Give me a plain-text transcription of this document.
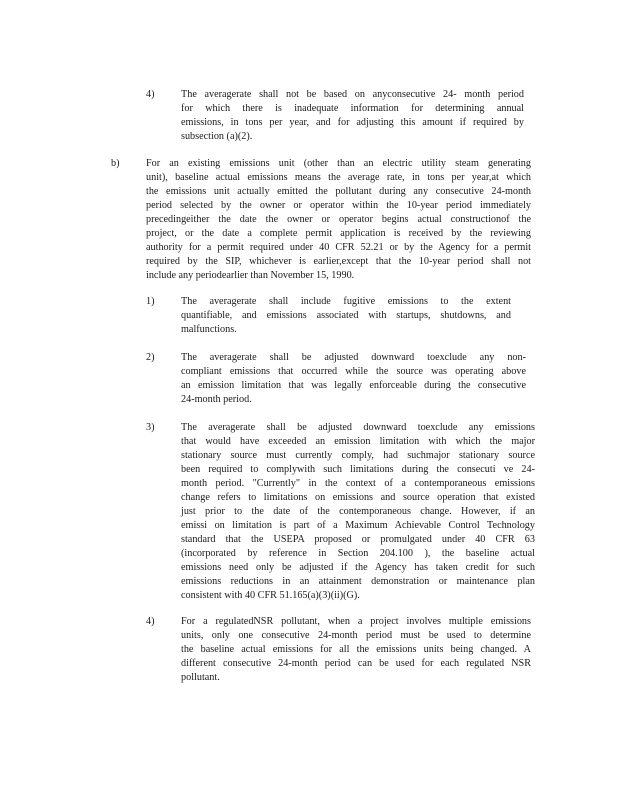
4)	The averagerate shall not be based on anyconsecutive 24- month period
for which there is inadequate information for determining annual
emissions, in tons per year, and for adjusting this amount if required by
subsection (a)(2).
b)	For an existing emissions unit (other than an electric utility steam generating
unit), baseline actual emissions means the average rate, in tons per year,at which
the emissions unit actually emitted the pollutant during any consecutive 24-month
period selected by the owner or operator within the 10-year period immediately
precedingeither the date the owner or operator begins actual constructionof the
project, or the date a complete permit application is received by the reviewing
authority for a permit required under 40 CFR 52.21 or by the Agency for a permit
required by the SIP, whichever is earlier,except that the 10-year period shall not
include any periodearlier than November 15, 1990.
1)	The averagerate shall include fugitive emissions to the extent
quantifiable, and emissions associated with startups, shutdowns, and
malfunctions.
2)	The averagerate shall be adjusted downward toexclude any non-
compliant emissions that occurred while the source was operating above
an emission limitation that was legally enforceable during the consecutive
24-month period.
3)	The averagerate shall be adjusted downward toexclude any emissions
that would have exceeded an emission limitation with which the major
stationary source must currently comply, had suchmajor stationary source
been required to complywith such limitations during the consecuti ve 24-
month period. "Currently" in the context of a contemporaneous emissions
change refers to limitations on emissions and source operation that existed
just prior to the date of the contemporaneous change. However, if an
emissi on limitation is part of a Maximum Achievable Control Technology
standard that the USEPA proposed or promulgated under 40 CFR 63
(incorporated by reference in Section 204.100 ), the baseline actual
emissions need only be adjusted if the Agency has taken credit for such
emissions reductions in an attainment demonstration or maintenance plan
consistent with 40 CFR 51.165(a)(3)(ii)(G).
4)	For a regulatedNSR pollutant, when a project involves multiple emissions
units, only one consecutive 24-month period must be used to determine
the baseline actual emissions for all the emissions units being changed. A
different consecutive 24-month period can be used for each regulated NSR
pollutant.
